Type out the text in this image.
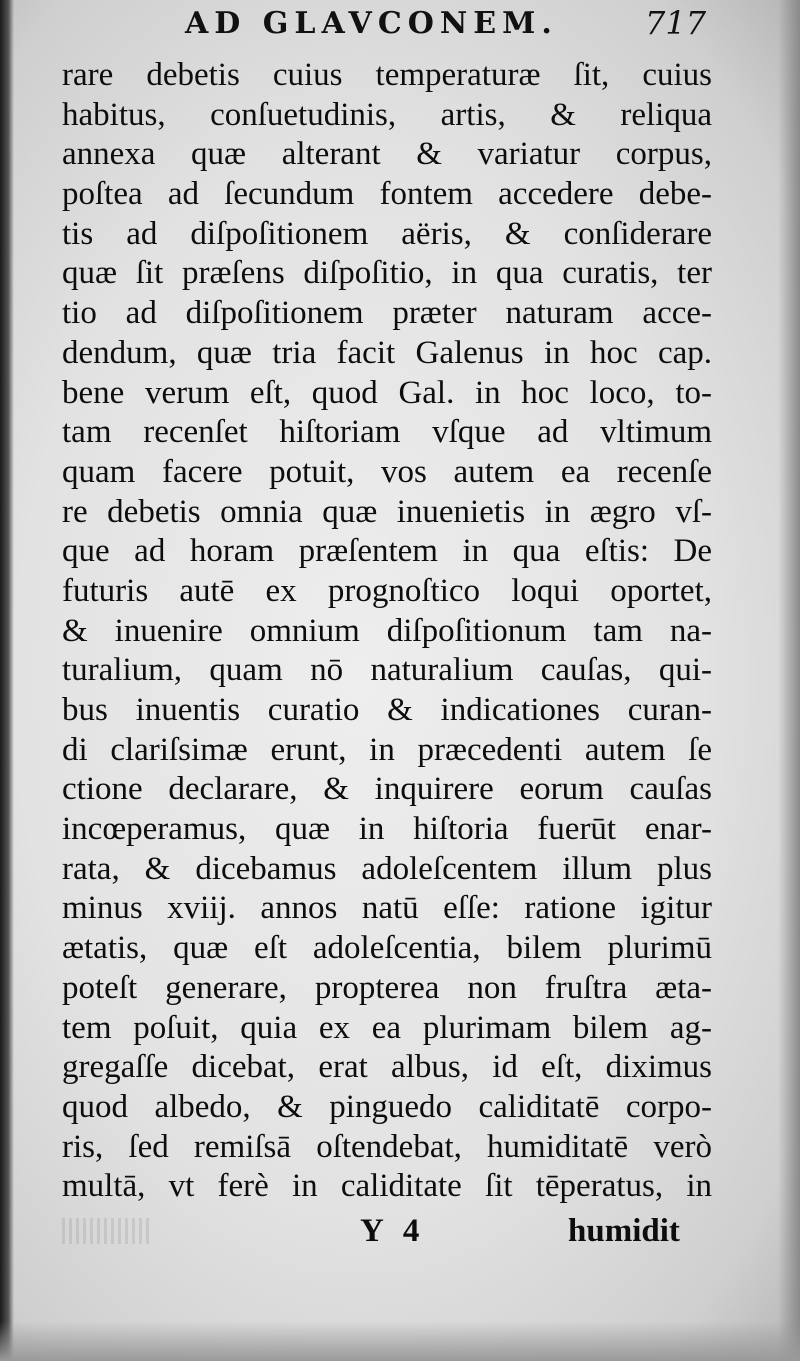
AD GLAVCONEM.	717
rare debetis cuius temperaturæ ſit, cuius
habitus, conſuetudinis, artis, & reliqua
annexa quæ alterant & variatur corpus,
poſtea ad ſecundum fontem accedere debe-
tis ad diſpoſitionem aëris, & conſiderare
quæ ſit præſens diſpoſitio, in qua curatis, ter
tio ad diſpoſitionem præter naturam acce-
dendum, quæ tria facit Galenus in hoc cap.
bene verum eſt, quod Gal. in hoc loco, to-
tam recenſet hiſtoriam vſque ad vltimum
quam facere potuit, vos autem ea recenſe
re debetis omnia quæ inuenietis in ægro vſ-
que ad horam præſentem in qua eſtis: De
futuris autē ex prognoſtico loqui oportet,
& inuenire omnium diſpoſitionum tam na-
turalium, quam nō naturalium cauſas, qui-
bus inuentis curatio & indicationes curan-
di clariſsimæ erunt, in præcedenti autem ſe
ctione declarare, & inquirere eorum cauſas
incœperamus, quæ in hiſtoria fuerūt enar-
rata, & dicebamus adoleſcentem illum plus
minus xviij. annos natū eſſe: ratione igitur
ætatis, quæ eſt adoleſcentia, bilem plurimū
poteſt generare, propterea non fruſtra æta-
tem poſuit, quia ex ea plurimam bilem ag-
gregaſſe dicebat, erat albus, id eſt, diximus
quod albedo, & pinguedo caliditatē corpo-
ris, ſed remiſsā oſtendebat, humiditatē verò
multā, vt ferè in caliditate ſit tēperatus, in
Y 4	humidit
